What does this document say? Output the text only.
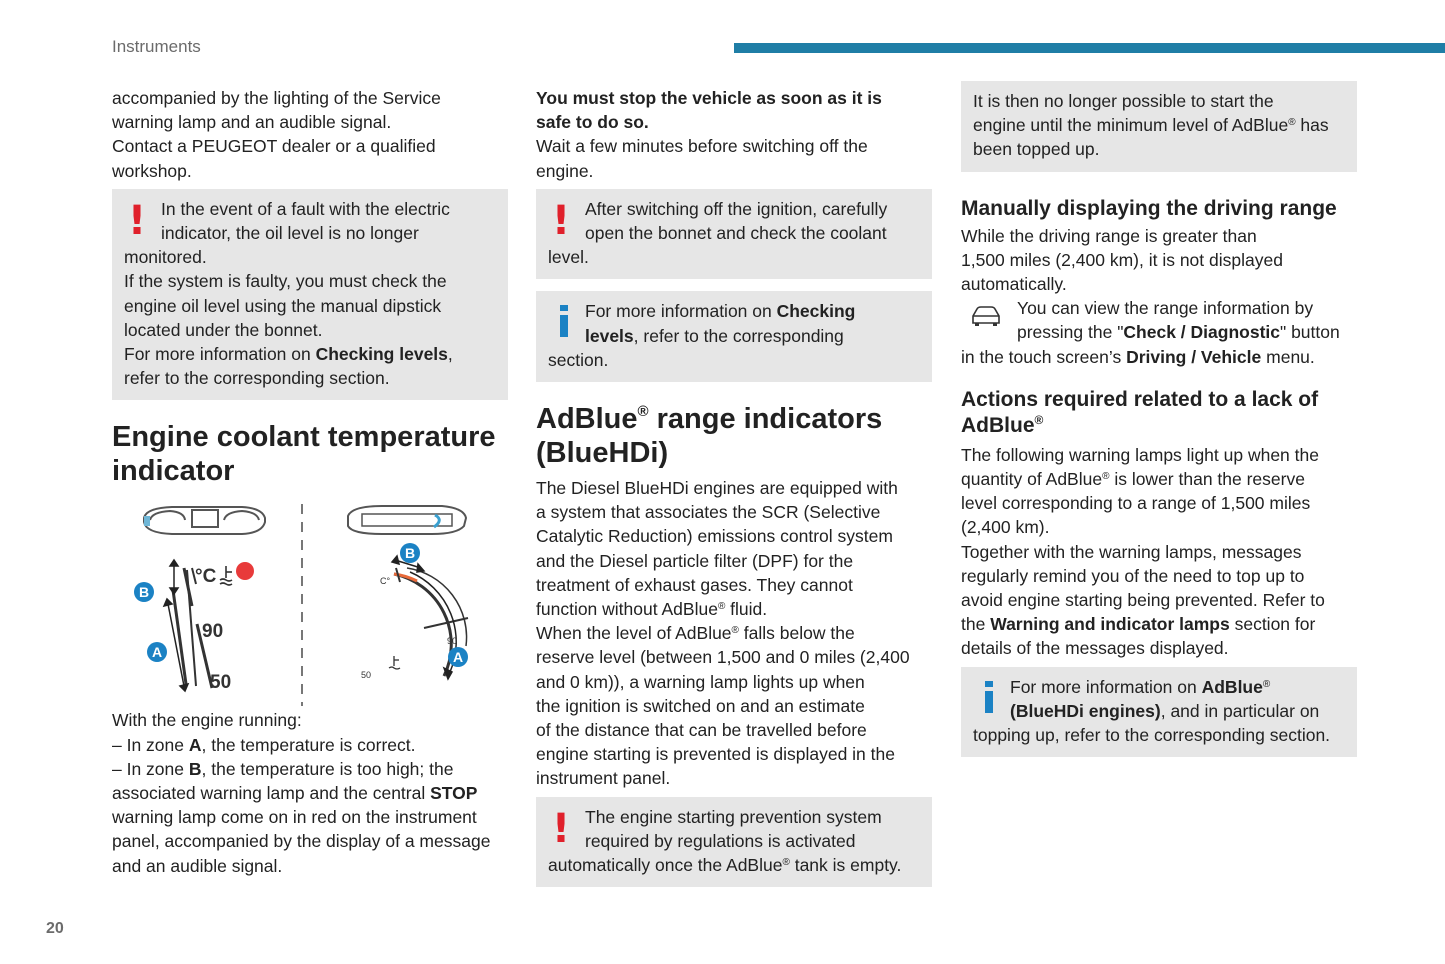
Instruments
20

accompanied by the lighting of the Service

warning lamp and an audible signal.

Contact a PEUGEOT dealer or a qualified

workshop.

! In the event of a fault with the electric

indicator, the oil level is no longer

monitored.

If the system is faulty, you must check the

engine oil level using the manual dipstick

located under the bonnet.

For more information on Checking levels,

refer to the corresponding section.

Engine coolant temperature

indicator

°C
90
50
B
A
B
A
C°
90
50

With the engine running:

– In zone A, the temperature is correct.

– In zone B, the temperature is too high; the

associated warning lamp and the central STOP

warning lamp come on in red on the instrument

panel, accompanied by the display of a message

and an audible signal.

You must stop the vehicle as soon as it is

safe to do so.

Wait a few minutes before switching off the

engine.

! After switching off the ignition, carefully

open the bonnet and check the coolant

level.

For more information on Checking

levels, refer to the corresponding

section.

AdBlue® range indicators

(BlueHDi)

The Diesel BlueHDi engines are equipped with

a system that associates the SCR (Selective

Catalytic Reduction) emissions control system

and the Diesel particle filter (DPF) for the

treatment of exhaust gases. They cannot

function without AdBlue® fluid.

When the level of AdBlue® falls below the

reserve level (between 1,500 and 0 miles (2,400

and 0 km)), a warning lamp lights up when

the ignition is switched on and an estimate

of the distance that can be travelled before

engine starting is prevented is displayed in the

instrument panel.

! The engine starting prevention system

required by regulations is activated

automatically once the AdBlue® tank is empty.

It is then no longer possible to start the

engine until the minimum level of AdBlue® has

been topped up.

Manually displaying the driving range

While the driving range is greater than

1,500 miles (2,400 km), it is not displayed

automatically.

You can view the range information by

pressing the "Check / Diagnostic" button

in the touch screen’s Driving / Vehicle menu.

Actions required related to a lack of

AdBlue®

The following warning lamps light up when the

quantity of AdBlue® is lower than the reserve

level corresponding to a range of 1,500 miles

(2,400 km).

Together with the warning lamps, messages

regularly remind you of the need to top up to

avoid engine starting being prevented. Refer to

the Warning and indicator lamps section for

details of the messages displayed.

For more information on AdBlue®

(BlueHDi engines), and in particular on

topping up, refer to the corresponding section.
